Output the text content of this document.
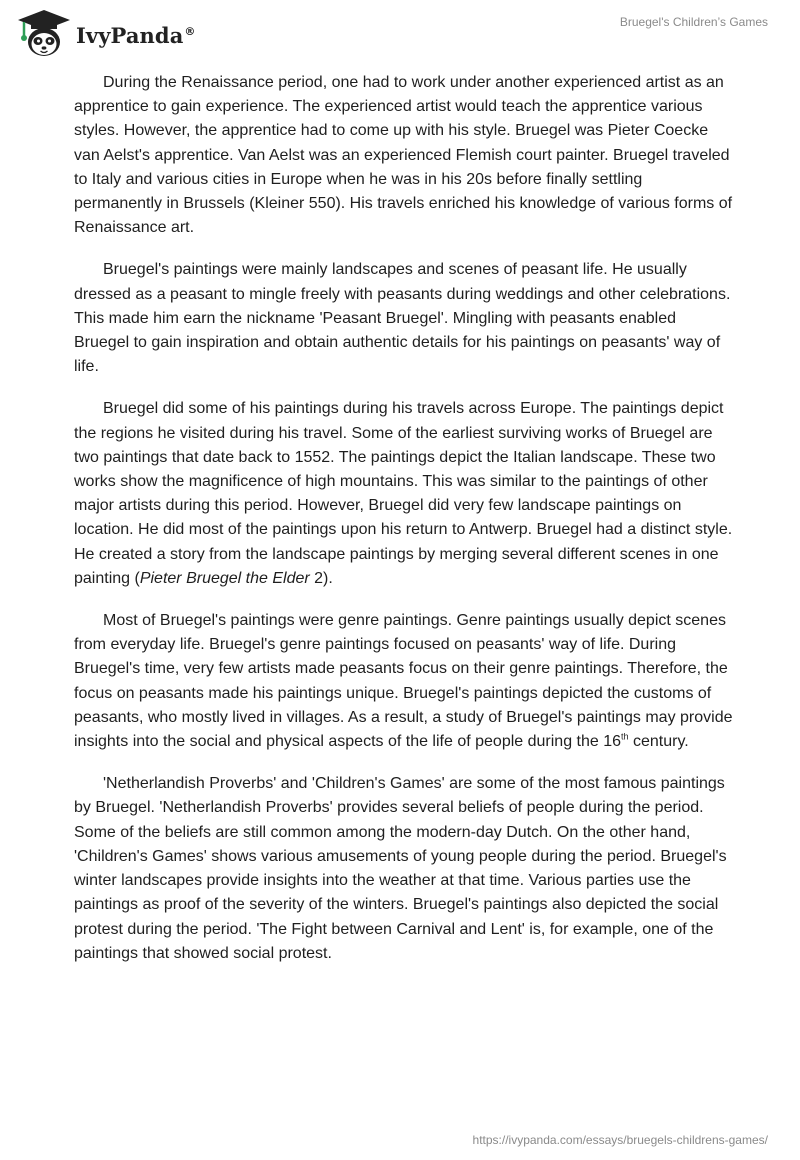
IvyPanda®
Bruegel's Children’s Games

During the Renaissance period, one had to work under another experienced artist as an apprentice to gain experience. The experienced artist would teach the apprentice various styles. However, the apprentice had to come up with his style. Bruegel was Pieter Coecke van Aelst's apprentice. Van Aelst was an experienced Flemish court painter. Bruegel traveled to Italy and various cities in Europe when he was in his 20s before finally settling permanently in Brussels (Kleiner 550). His travels enriched his knowledge of various forms of Renaissance art.

Bruegel's paintings were mainly landscapes and scenes of peasant life. He usually dressed as a peasant to mingle freely with peasants during weddings and other celebrations. This made him earn the nickname 'Peasant Bruegel'. Mingling with peasants enabled Bruegel to gain inspiration and obtain authentic details for his paintings on peasants' way of life.

Bruegel did some of his paintings during his travels across Europe. The paintings depict the regions he visited during his travel. Some of the earliest surviving works of Bruegel are two paintings that date back to 1552. The paintings depict the Italian landscape. These two works show the magnificence of high mountains. This was similar to the paintings of other major artists during this period. However, Bruegel did very few landscape paintings on location. He did most of the paintings upon his return to Antwerp. Bruegel had a distinct style. He created a story from the landscape paintings by merging several different scenes in one painting (Pieter Bruegel the Elder 2).

Most of Bruegel's paintings were genre paintings. Genre paintings usually depict scenes from everyday life. Bruegel's genre paintings focused on peasants' way of life. During Bruegel's time, very few artists made peasants focus on their genre paintings. Therefore, the focus on peasants made his paintings unique. Bruegel's paintings depicted the customs of peasants, who mostly lived in villages. As a result, a study of Bruegel's paintings may provide insights into the social and physical aspects of the life of people during the 16th century.

'Netherlandish Proverbs' and 'Children's Games' are some of the most famous paintings by Bruegel. 'Netherlandish Proverbs' provides several beliefs of people during the period. Some of the beliefs are still common among the modern-day Dutch. On the other hand, 'Children's Games' shows various amusements of young people during the period. Bruegel's winter landscapes provide insights into the weather at that time. Various parties use the paintings as proof of the severity of the winters. Bruegel's paintings also depicted the social protest during the period. 'The Fight between Carnival and Lent' is, for example, one of the paintings that showed social protest.

https://ivypanda.com/essays/bruegels-childrens-games/
